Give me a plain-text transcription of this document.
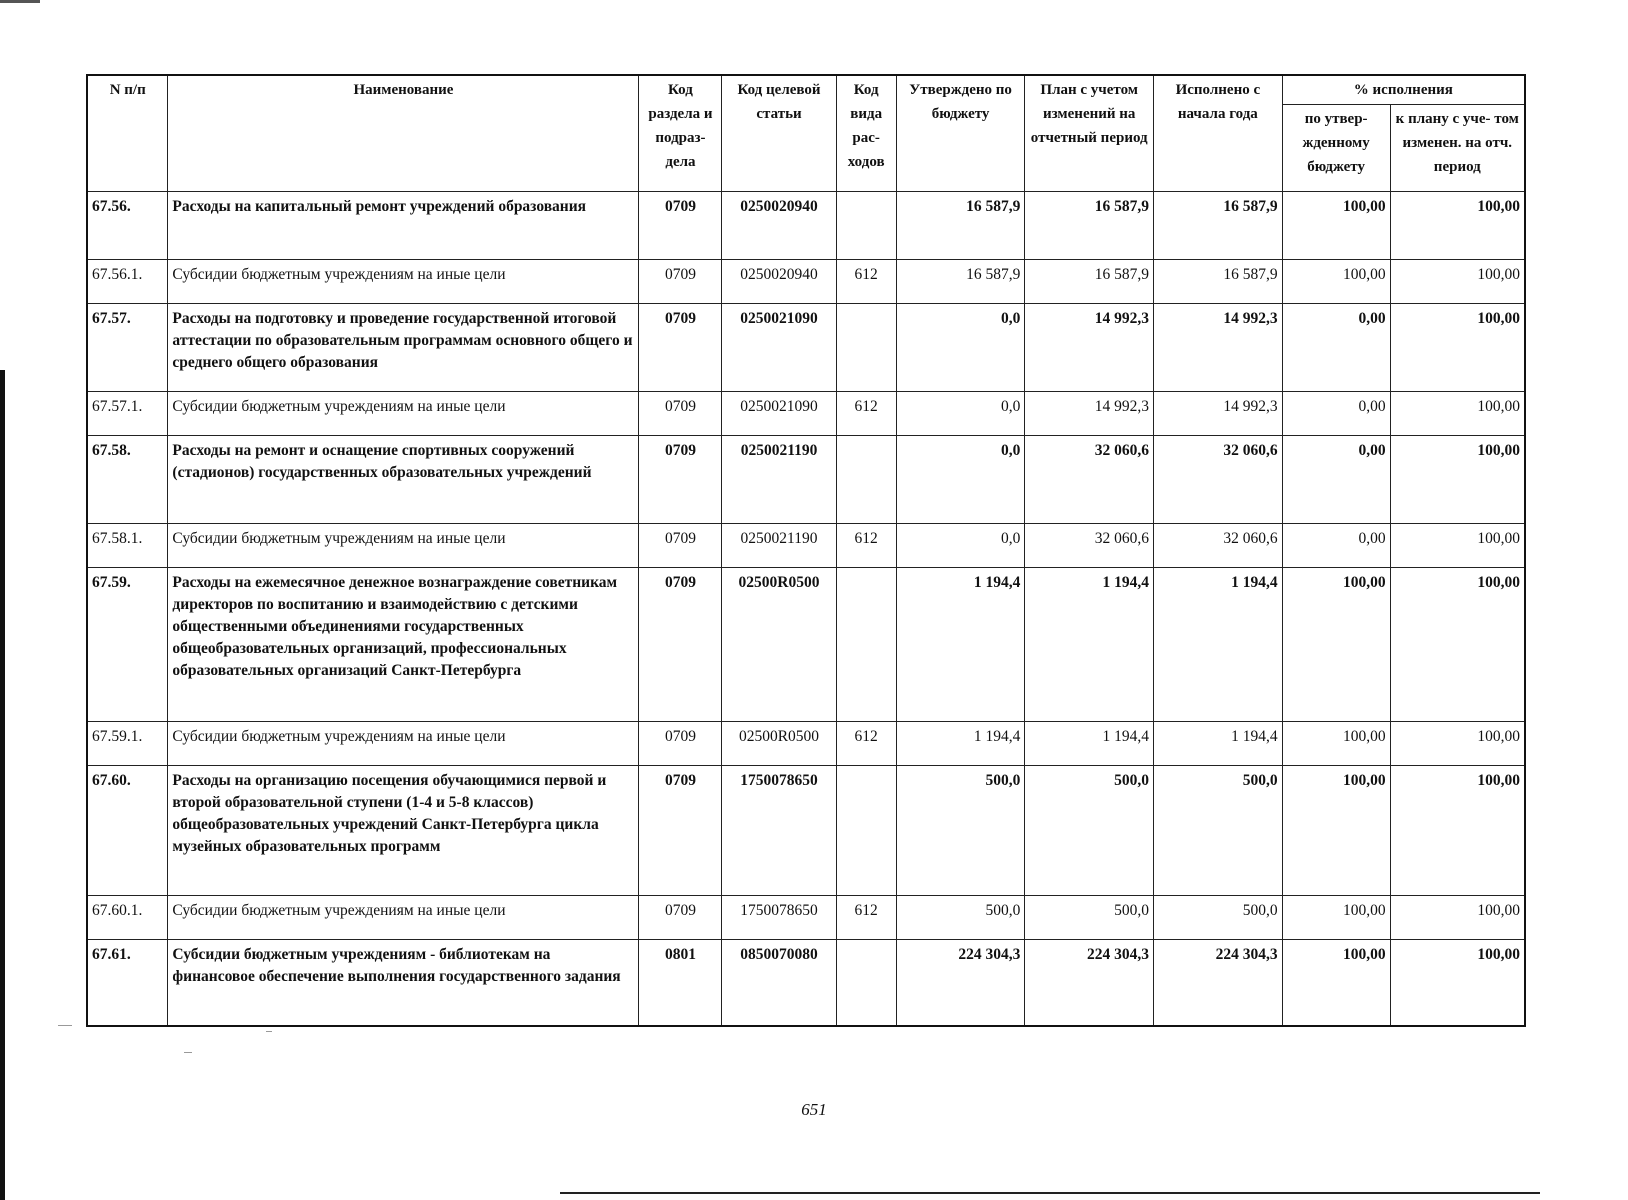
N п/п	Наименование	Код раздела и подраз- дела	Код целевой статьи	Код вида рас- ходов	Утверждено по бюджету	План с учетом изменений на отчетный период	Исполнено с начала года	% исполнения	
								по утвер- жденному бюджету	к плану с уче- том изменен. на отч. период
67.56.	Расходы на капитальный ремонт учреждений образования	0709	0250020940		16 587,9	16 587,9	16 587,9	100,00	100,00
67.56.1.	Субсидии бюджетным учреждениям на иные цели	0709	0250020940	612	16 587,9	16 587,9	16 587,9	100,00	100,00
67.57.	Расходы на подготовку и проведение государственной итоговой аттестации по образовательным программам основного общего и среднего общего образования	0709	0250021090		0,0	14 992,3	14 992,3	0,00	100,00
67.57.1.	Субсидии бюджетным учреждениям на иные цели	0709	0250021090	612	0,0	14 992,3	14 992,3	0,00	100,00
67.58.	Расходы на ремонт и оснащение спортивных сооружений (стадионов) государственных образовательных учреждений	0709	0250021190		0,0	32 060,6	32 060,6	0,00	100,00
67.58.1.	Субсидии бюджетным учреждениям на иные цели	0709	0250021190	612	0,0	32 060,6	32 060,6	0,00	100,00
67.59.	Расходы на ежемесячное денежное вознаграждение советникам директоров по воспитанию и взаимодействию с детскими общественными объединениями государственных общеобразовательных организаций, профессиональных образовательных организаций Санкт-Петербурга	0709	02500R0500		1 194,4	1 194,4	1 194,4	100,00	100,00
67.59.1.	Субсидии бюджетным учреждениям на иные цели	0709	02500R0500	612	1 194,4	1 194,4	1 194,4	100,00	100,00
67.60.	Расходы на организацию посещения обучающимися первой и второй образовательной ступени (1-4 и 5-8 классов) общеобразовательных учреждений Санкт-Петербурга цикла музейных образовательных программ	0709	1750078650		500,0	500,0	500,0	100,00	100,00
67.60.1.	Субсидии бюджетным учреждениям на иные цели	0709	1750078650	612	500,0	500,0	500,0	100,00	100,00
67.61.	Субсидии бюджетным учреждениям - библиотекам на финансовое обеспечение выполнения государственного задания	0801	0850070080		224 304,3	224 304,3	224 304,3	100,00	100,00
651
